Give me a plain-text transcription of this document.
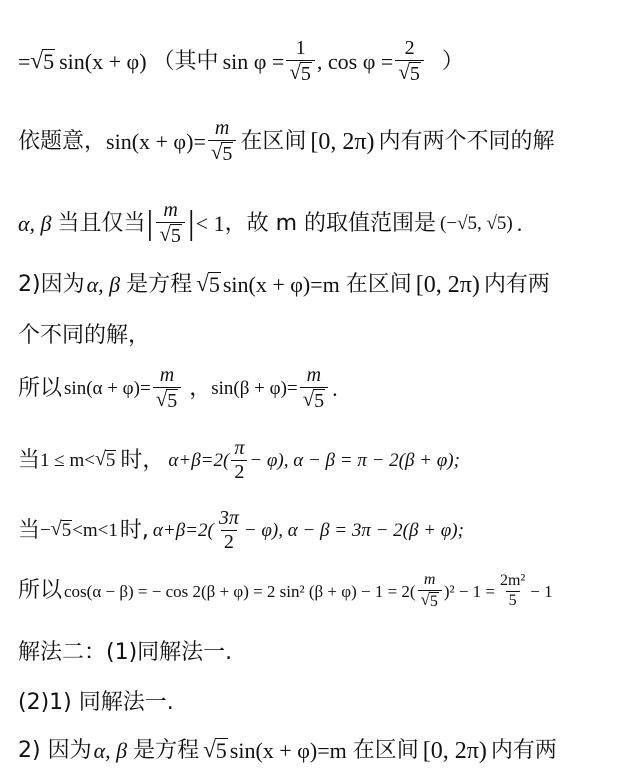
= √ 5 sin(x + φ) （其中 $\sin \varphi = \frac{1}{√ 5}$ , $\cos \varphi = \frac{2}{√ 5}$ ）
依题意， $\sin(x + \varphi)= \frac{m}{√ 5}$ 在区间 [0, 2π) 内有两个不同的解
α, β 当且仅当 | $\frac{m}{√ 5}$ | < 1 ，故 m 的取值范围是 (−√5, √5) .
2)因为 α, β 是方程 √ 5 sin(x + φ)=m 在区间 [0, 2π) 内有两
个不同的解，
所以 $\sin(\alpha + \varphi)= \frac{m}{√ 5}$ ， $\sin(\beta + \varphi)= \frac{m}{√ 5}$ .
当 1 ≤ m< √ 5 时， $\alpha+\beta=2( \frac{\pi}{2} - \varphi)$, α − β = π − 2(β + φ);
当 − √ 5 <m<1 时, $\alpha+\beta=2( \frac{3\pi}{2} - \varphi)$, α − β = 3π − 2(β + φ);
所以 cos(α − β) = − cos 2(β + φ) = 2 sin² $(\beta + \varphi) - 1 = 2( \frac{m}{√ 5} )^2 - 1 = \frac{\text{2m²}}{5} - 1$
解法二：(1)同解法一.
(2)1) 同解法一.
2) 因为 α, β 是方程 √ 5 sin(x + φ)=m 在区间 [0, 2π) 内有两
